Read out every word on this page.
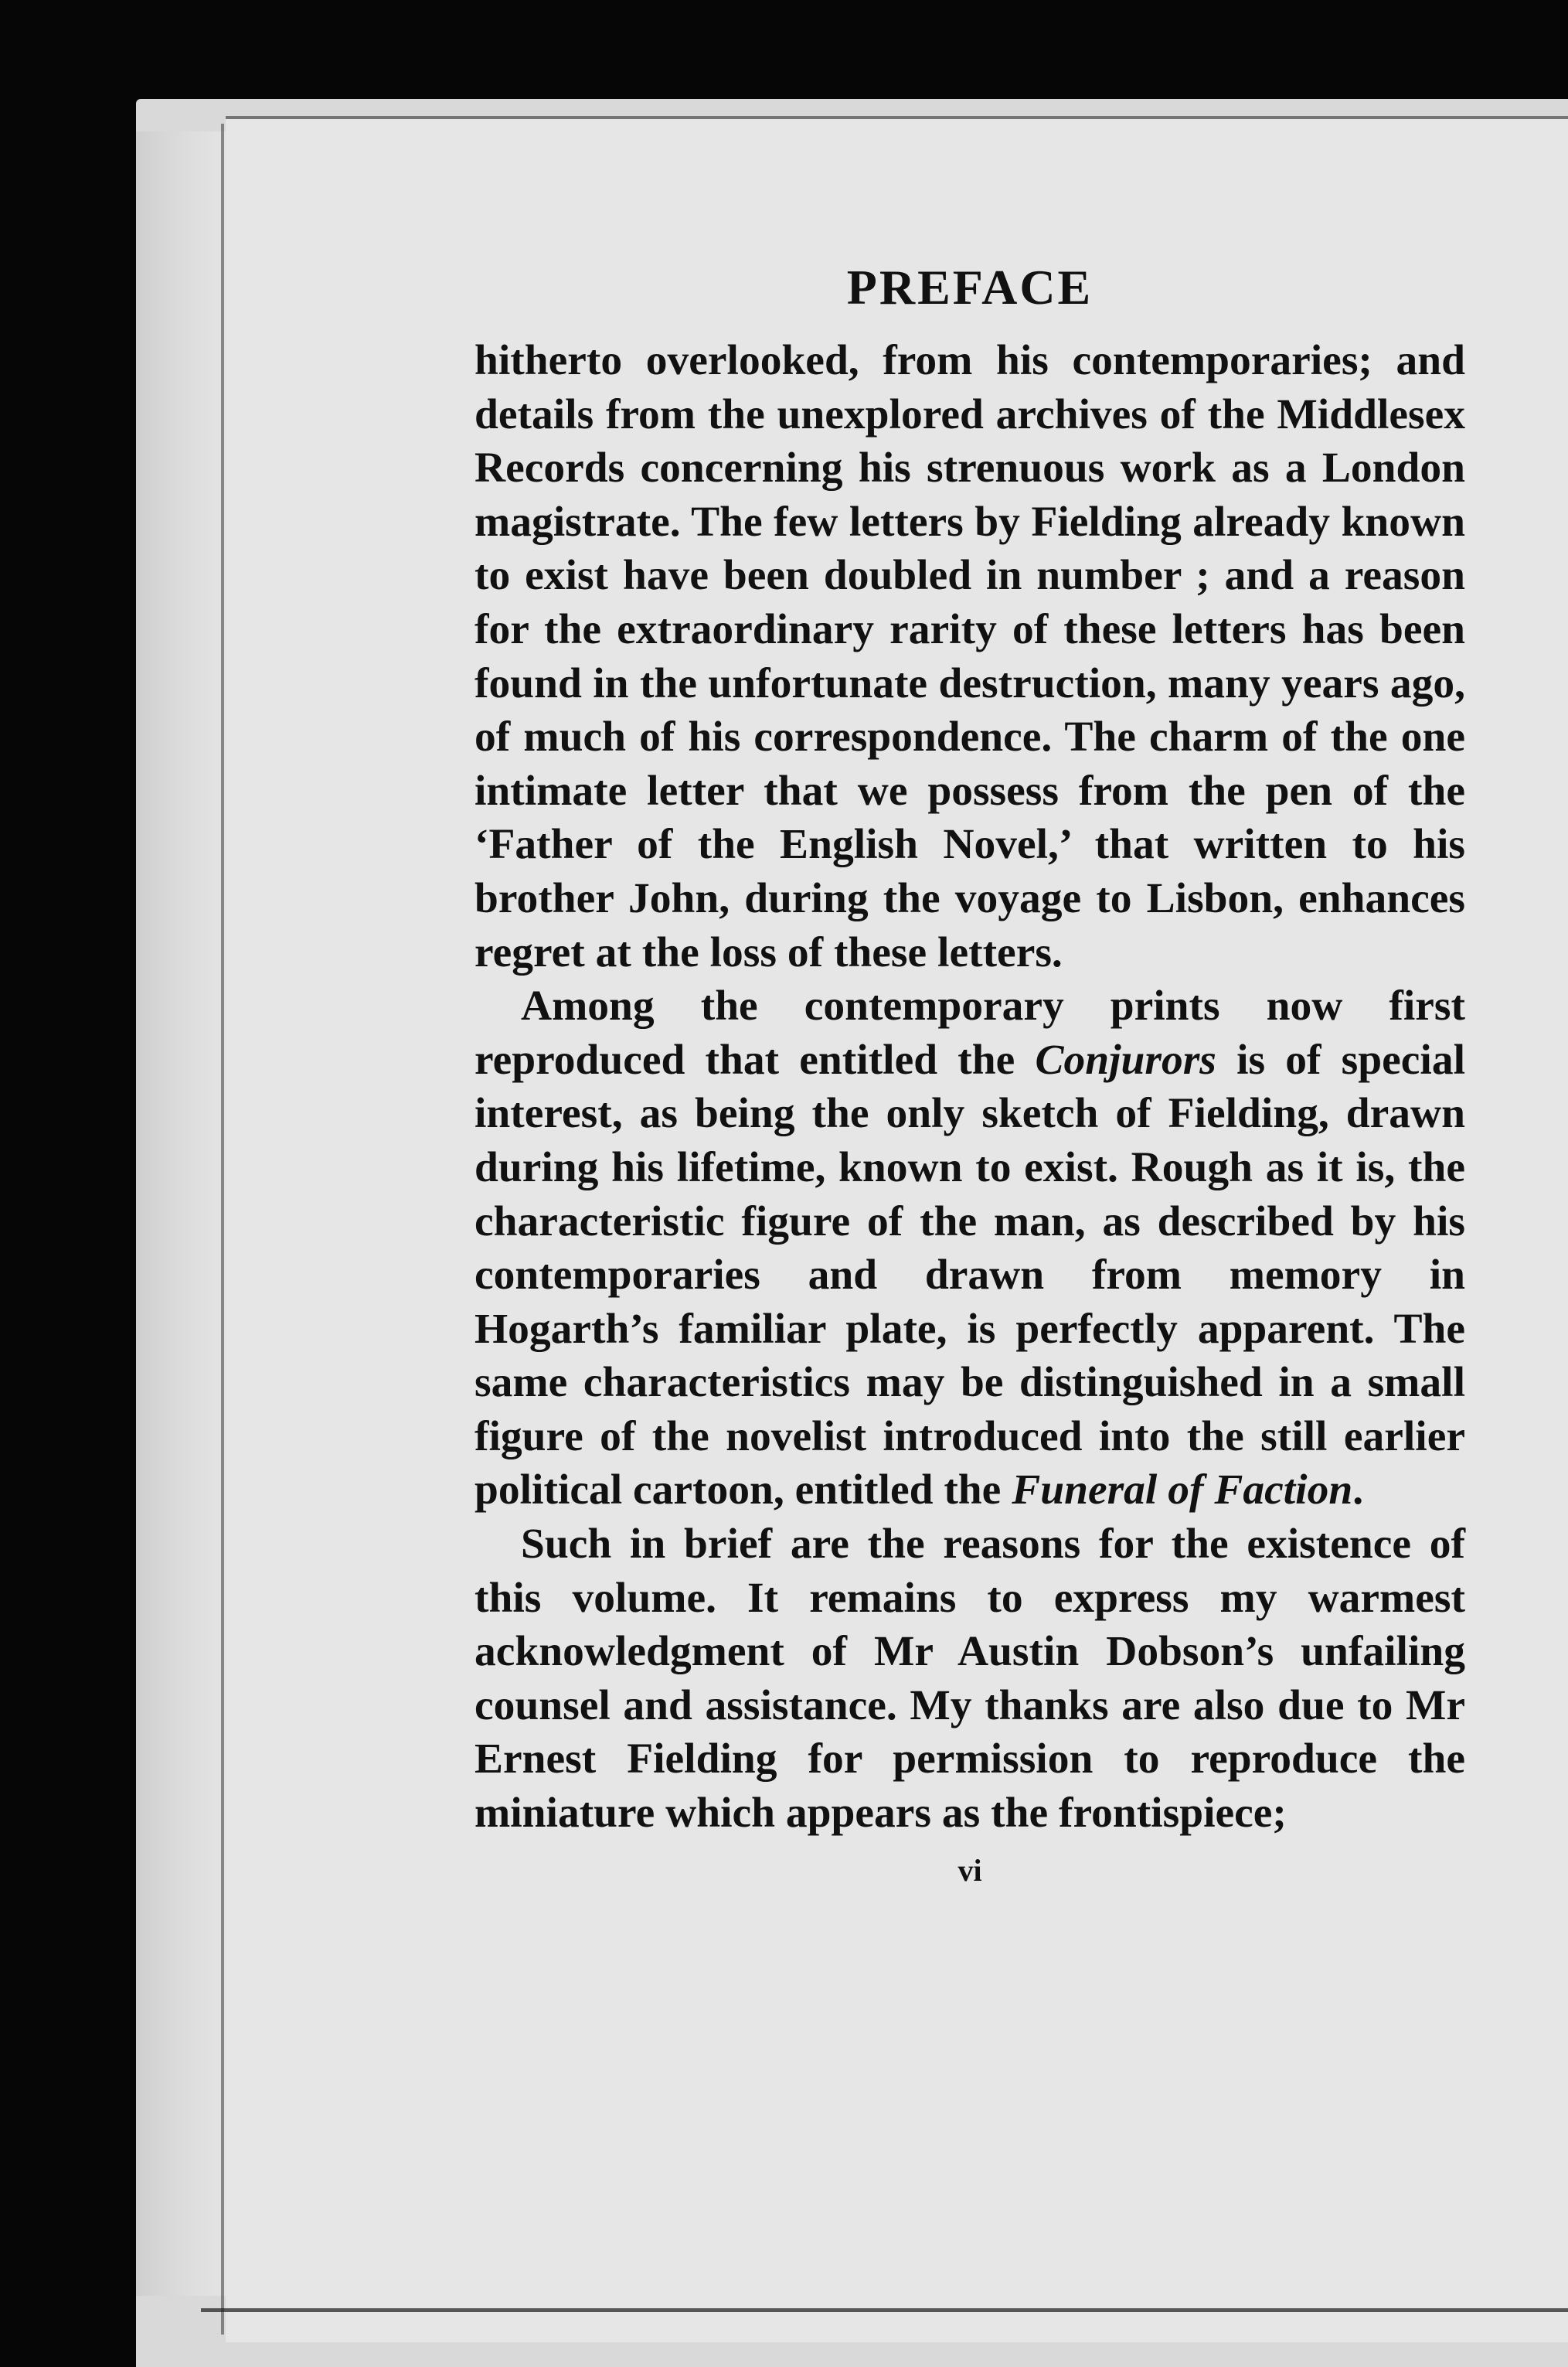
PREFACE

hitherto overlooked, from his contemporaries; and details from the unexplored archives of the Middlesex Records concerning his strenuous work as a London magistrate. The few letters by Fielding already known to exist have been doubled in number ; and a reason for the extraordinary rarity of these letters has been found in the unfortunate destruction, many years ago, of much of his correspondence. The charm of the one intimate letter that we possess from the pen of the ‘Father of the English Novel,’ that written to his brother John, during the voyage to Lisbon, enhances regret at the loss of these letters.

Among the contemporary prints now first reproduced that entitled the Conjurors is of special interest, as being the only sketch of Fielding, drawn during his lifetime, known to exist. Rough as it is, the characteristic figure of the man, as described by his contemporaries and drawn from memory in Hogarth’s familiar plate, is perfectly apparent. The same characteristics may be distinguished in a small figure of the novelist introduced into the still earlier political cartoon, entitled the Funeral of Faction.

Such in brief are the reasons for the existence of this volume. It remains to express my warmest acknowledgment of Mr Austin Dobson’s unfailing counsel and assistance. My thanks are also due to Mr Ernest Fielding for permission to reproduce the miniature which appears as the frontispiece;

vi
